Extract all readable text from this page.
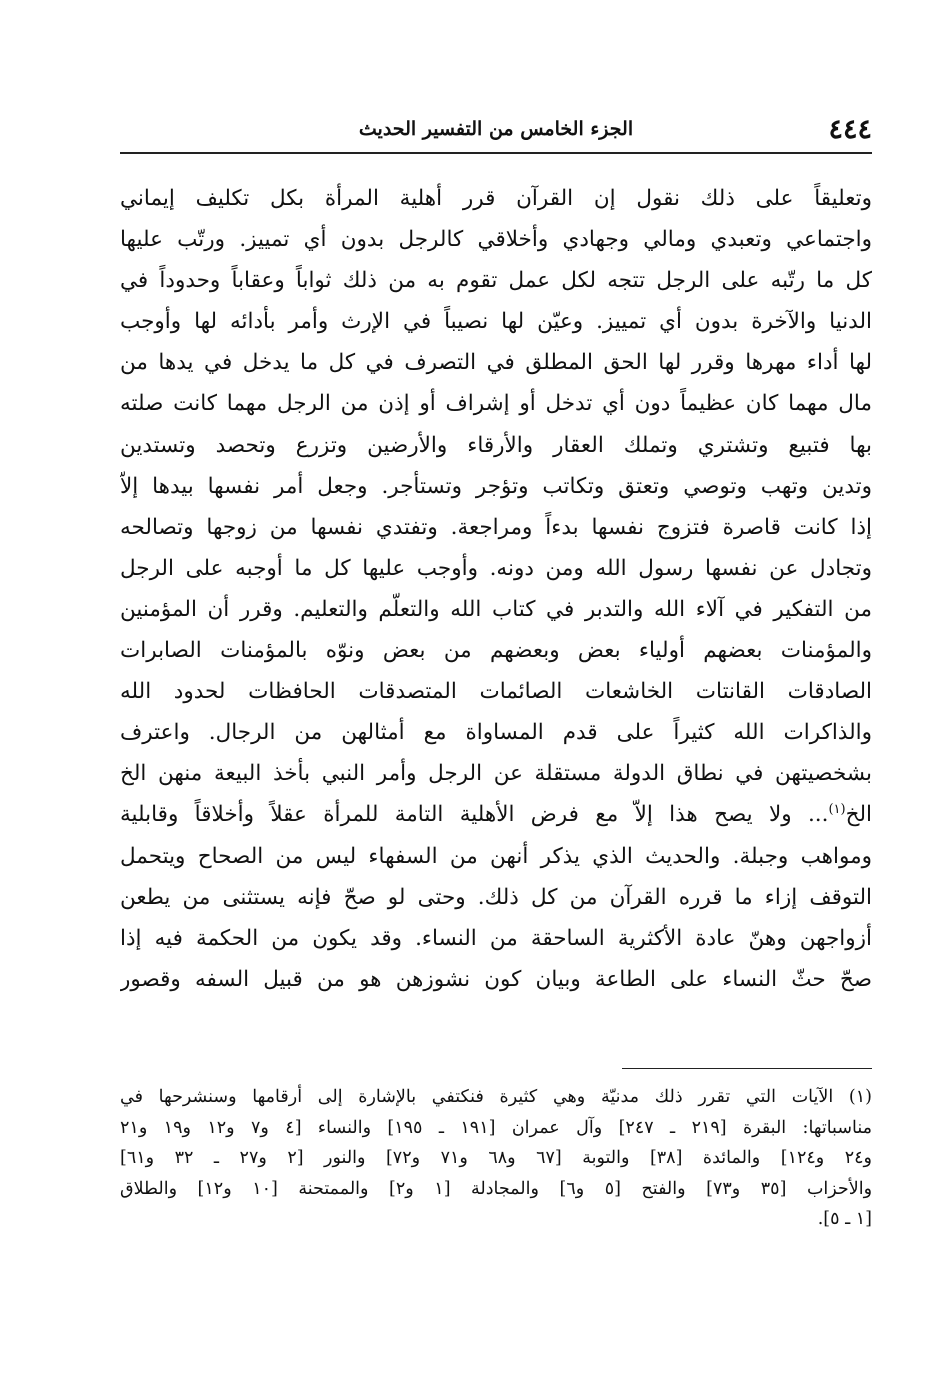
٤٤٤
الجزء الخامس من التفسير الحديث
وتعليقاً على ذلك نقول إن القرآن قرر أهلية المرأة بكل تكليف إيماني
واجتماعي وتعبدي ومالي وجهادي وأخلاقي كالرجل بدون أي تمييز. ورتّب عليها
كل ما رتّبه على الرجل تتجه لكل عمل تقوم به من ذلك ثواباً وعقاباً وحدوداً في
الدنيا والآخرة بدون أي تمييز. وعيّن لها نصيباً في الإرث وأمر بأدائه لها وأوجب
لها أداء مهرها وقرر لها الحق المطلق في التصرف في كل ما يدخل في يدها من
مال مهما كان عظيماً دون أي تدخل أو إشراف أو إذن من الرجل مهما كانت صلته
بها فتبيع وتشتري وتملك العقار والأرقاء والأرضين وتزرع وتحصد وتستدين
وتدين وتهب وتوصي وتعتق وتكاتب وتؤجر وتستأجر. وجعل أمر نفسها بيدها إلاّ
إذا كانت قاصرة فتزوج نفسها بدءاً ومراجعة. وتفتدي نفسها من زوجها وتصالحه
وتجادل عن نفسها رسول الله ومن دونه. وأوجب عليها كل ما أوجبه على الرجل
من التفكير في آلاء الله والتدبر في كتاب الله والتعلّم والتعليم. وقرر أن المؤمنين
والمؤمنات بعضهم أولياء بعض وبعضهم من بعض ونوّه بالمؤمنات الصابرات
الصادقات القانتات الخاشعات الصائمات المتصدقات الحافظات لحدود الله
والذاكرات الله كثيراً على قدم المساواة مع أمثالهن من الرجال. واعترف
بشخصيتهن في نطاق الدولة مستقلة عن الرجل وأمر النبي بأخذ البيعة منهن الخ
الخ$^{(١)}$... ولا يصح هذا إلاّ مع فرض الأهلية التامة للمرأة عقلاً وأخلاقاً وقابلية
ومواهب وجبلة. والحديث الذي يذكر أنهن من السفهاء ليس من الصحاح ويتحمل
التوقف إزاء ما قرره القرآن من كل ذلك. وحتى لو صحّ فإنه يستثنى من يطعن
أزواجهن وهنّ عادة الأكثرية الساحقة من النساء. وقد يكون من الحكمة فيه إذا
صحّ حثّ النساء على الطاعة وبيان كون نشوزهن هو من قبيل السفه وقصور
(١) الآيات التي تقرر ذلك مدنيّة وهي كثيرة فنكتفي بالإشارة إلى أرقامها وسنشرحها في
مناسباتها: البقرة [٢١٩ ـ ٢٤٧] وآل عمران [١٩١ ـ ١٩٥] والنساء [٤ و٧ و١٢ و١٩ و٢١
و٢٤ و١٢٤] والمائدة [٣٨] والتوبة [٦٧ و٦٨ و٧١ و٧٢] والنور [٢ و٢٧ ـ ٣٢ و٦١]
والأحزاب [٣٥ و٧٣] والفتح [٥ و٦] والمجادلة [١ و٢] والممتحنة [١٠ و١٢] والطلاق
[١ ـ ٥].
